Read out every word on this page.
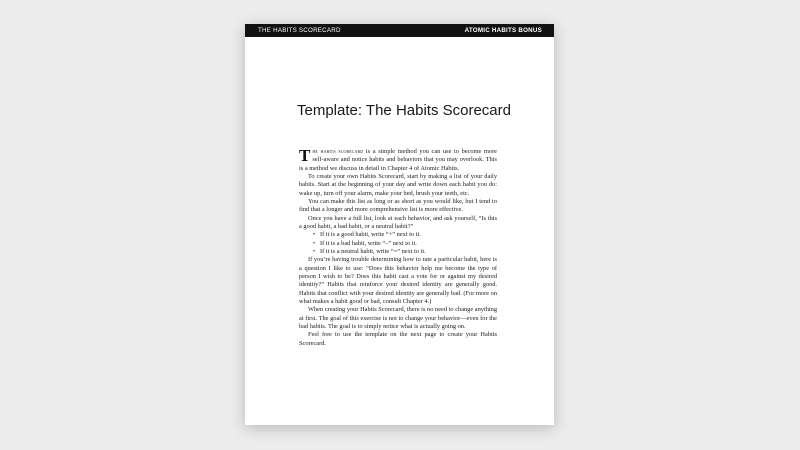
THE HABITS SCORECARD	ATOMIC HABITS BONUS
Template: The Habits Scorecard

The habits scorecard is a simple method you can use to become more self-aware and notice habits and behaviors that you may overlook. This is a method we discuss in detail in Chapter 4 of Atomic Habits.

To create your own Habits Scorecard, start by making a list of your daily habits. Start at the beginning of your day and write down each habit you do: wake up, turn off your alarm, make your bed, brush your teeth, etc.

You can make this list as long or as short as you would like, but I tend to find that a longer and more comprehensive list is more effective.

Once you have a full list, look at each behavior, and ask yourself, “Is this a good habit, a bad habit, or a neutral habit?”

• If it is a good habit, write “+” next to it.
• If it is a bad habit, write “–” next to it.
• If it is a neutral habit, write “=” next to it.

If you’re having trouble determining how to rate a particular habit, here is a question I like to use: “Does this behavior help me become the type of person I wish to be? Does this habit cast a vote for or against my desired identity?” Habits that reinforce your desired identity are generally good. Habits that conflict with your desired identity are generally bad. (For more on what makes a habit good or bad, consult Chapter 4.)

When creating your Habits Scorecard, there is no need to change anything at first. The goal of this exercise is not to change your behavior—even for the bad habits. The goal is to simply notice what is actually going on.

Feel free to use the template on the next page to create your Habits Scorecard.
